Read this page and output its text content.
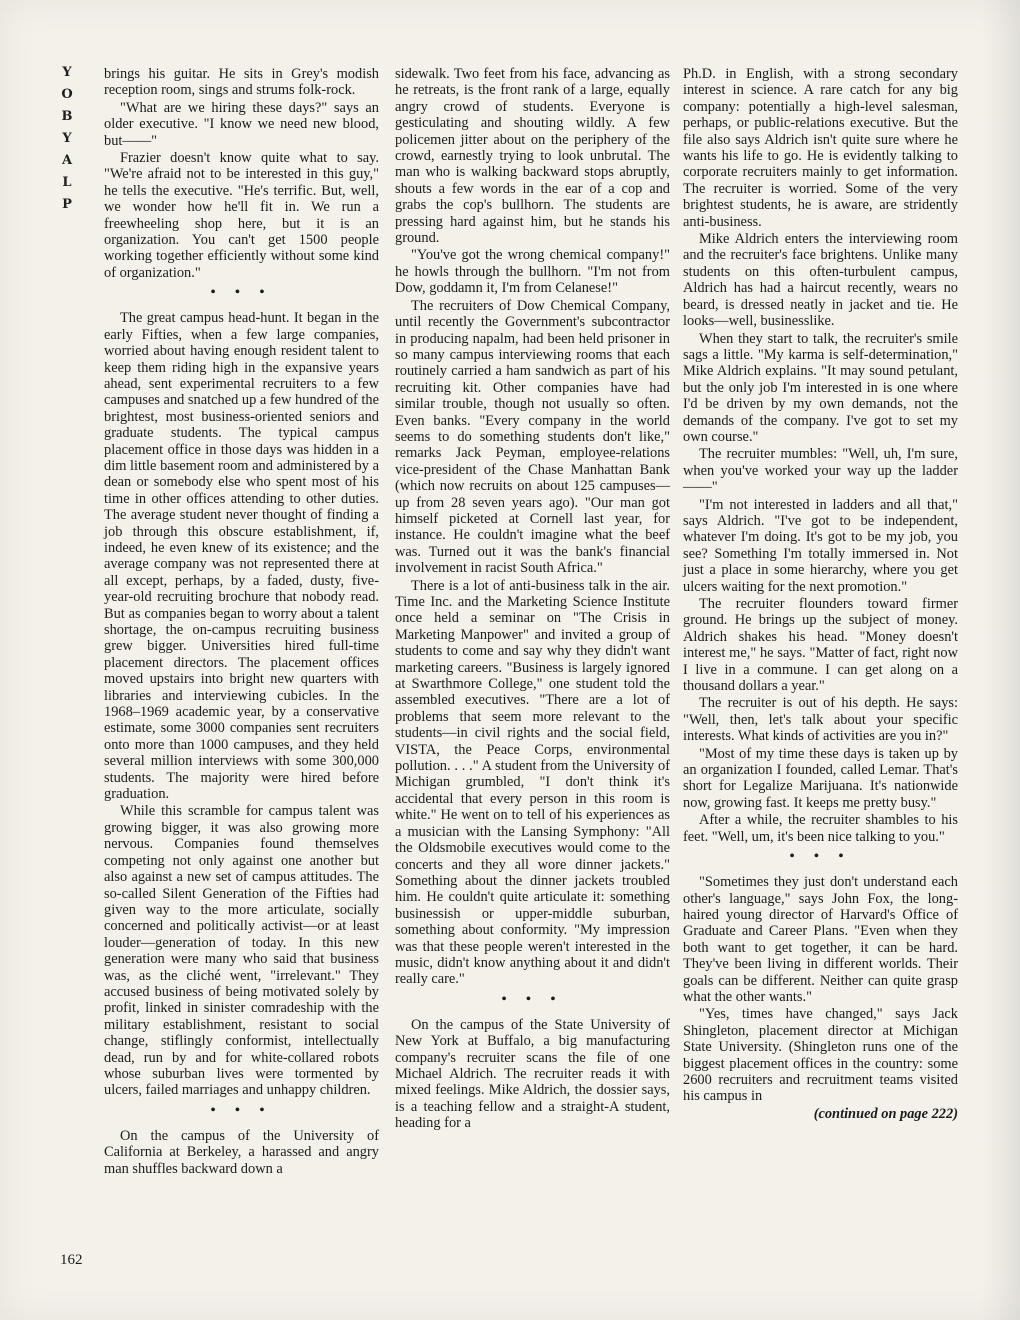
Y
O
B
Y
A
L
P

brings his guitar. He sits in Grey's modish reception room, sings and strums folk-rock.

"What are we hiring these days?" says an older executive. "I know we need new blood, but——"

Frazier doesn't know quite what to say. "We're afraid not to be interested in this guy," he tells the executive. "He's terrific. But, well, we wonder how he'll fit in. We run a freewheeling shop here, but it is an organization. You can't get 1500 people working together efficiently without some kind of organization."

• • •

The great campus head-hunt. It began in the early Fifties, when a few large companies, worried about having enough resident talent to keep them riding high in the expansive years ahead, sent experimental recruiters to a few campuses and snatched up a few hundred of the brightest, most business-oriented seniors and graduate students. The typical campus placement office in those days was hidden in a dim little basement room and administered by a dean or somebody else who spent most of his time in other offices attending to other duties. The average student never thought of finding a job through this obscure establishment, if, indeed, he even knew of its existence; and the average company was not represented there at all except, perhaps, by a faded, dusty, five-year-old recruiting brochure that nobody read. But as companies began to worry about a talent shortage, the on-campus recruiting business grew bigger. Universities hired full-time placement directors. The placement offices moved upstairs into bright new quarters with libraries and interviewing cubicles. In the 1968–1969 academic year, by a conservative estimate, some 3000 companies sent recruiters onto more than 1000 campuses, and they held several million interviews with some 300,000 students. The majority were hired before graduation.

While this scramble for campus talent was growing bigger, it was also growing more nervous. Companies found themselves competing not only against one another but also against a new set of campus attitudes. The so-called Silent Generation of the Fifties had given way to the more articulate, socially concerned and politically activist—or at least louder—generation of today. In this new generation were many who said that business was, as the cliché went, "irrelevant." They accused business of being motivated solely by profit, linked in sinister comradeship with the military establishment, resistant to social change, stiflingly conformist, intellectually dead, run by and for white-collared robots whose suburban lives were tormented by ulcers, failed marriages and unhappy children.

• • •

On the campus of the University of California at Berkeley, a harassed and angry man shuffles backward down a

sidewalk. Two feet from his face, advancing as he retreats, is the front rank of a large, equally angry crowd of students. Everyone is gesticulating and shouting wildly. A few policemen jitter about on the periphery of the crowd, earnestly trying to look unbrutal. The man who is walking backward stops abruptly, shouts a few words in the ear of a cop and grabs the cop's bullhorn. The students are pressing hard against him, but he stands his ground.

"You've got the wrong chemical company!" he howls through the bullhorn. "I'm not from Dow, goddamn it, I'm from Celanese!"

The recruiters of Dow Chemical Company, until recently the Government's subcontractor in producing napalm, had been held prisoner in so many campus interviewing rooms that each routinely carried a ham sandwich as part of his recruiting kit. Other companies have had similar trouble, though not usually so often. Even banks. "Every company in the world seems to do something students don't like," remarks Jack Peyman, employee-relations vice-president of the Chase Manhattan Bank (which now recruits on about 125 campuses—up from 28 seven years ago). "Our man got himself picketed at Cornell last year, for instance. He couldn't imagine what the beef was. Turned out it was the bank's financial involvement in racist South Africa."

There is a lot of anti-business talk in the air. Time Inc. and the Marketing Science Institute once held a seminar on "The Crisis in Marketing Manpower" and invited a group of students to come and say why they didn't want marketing careers. "Business is largely ignored at Swarthmore College," one student told the assembled executives. "There are a lot of problems that seem more relevant to the students—in civil rights and the social field, VISTA, the Peace Corps, environmental pollution. . . ." A student from the University of Michigan grumbled, "I don't think it's accidental that every person in this room is white." He went on to tell of his experiences as a musician with the Lansing Symphony: "All the Oldsmobile executives would come to the concerts and they all wore dinner jackets." Something about the dinner jackets troubled him. He couldn't quite articulate it: something businessish or upper-middle suburban, something about conformity. "My impression was that these people weren't interested in the music, didn't know anything about it and didn't really care."

• • •

On the campus of the State University of New York at Buffalo, a big manufacturing company's recruiter scans the file of one Michael Aldrich. The recruiter reads it with mixed feelings. Mike Aldrich, the dossier says, is a teaching fellow and a straight-A student, heading for a

Ph.D. in English, with a strong secondary interest in science. A rare catch for any big company: potentially a high-level salesman, perhaps, or public-relations executive. But the file also says Aldrich isn't quite sure where he wants his life to go. He is evidently talking to corporate recruiters mainly to get information. The recruiter is worried. Some of the very brightest students, he is aware, are stridently anti-business.

Mike Aldrich enters the interviewing room and the recruiter's face brightens. Unlike many students on this often-turbulent campus, Aldrich has had a haircut recently, wears no beard, is dressed neatly in jacket and tie. He looks—well, businesslike.

When they start to talk, the recruiter's smile sags a little. "My karma is self-determination," Mike Aldrich explains. "It may sound petulant, but the only job I'm interested in is one where I'd be driven by my own demands, not the demands of the company. I've got to set my own course."

The recruiter mumbles: "Well, uh, I'm sure, when you've worked your way up the ladder——"

"I'm not interested in ladders and all that," says Aldrich. "I've got to be independent, whatever I'm doing. It's got to be my job, you see? Something I'm totally immersed in. Not just a place in some hierarchy, where you get ulcers waiting for the next promotion."

The recruiter flounders toward firmer ground. He brings up the subject of money. Aldrich shakes his head. "Money doesn't interest me," he says. "Matter of fact, right now I live in a commune. I can get along on a thousand dollars a year."

The recruiter is out of his depth. He says: "Well, then, let's talk about your specific interests. What kinds of activities are you in?"

"Most of my time these days is taken up by an organization I founded, called Lemar. That's short for Legalize Marijuana. It's nationwide now, growing fast. It keeps me pretty busy."

After a while, the recruiter shambles to his feet. "Well, um, it's been nice talking to you."

• • •

"Sometimes they just don't understand each other's language," says John Fox, the long-haired young director of Harvard's Office of Graduate and Career Plans. "Even when they both want to get together, it can be hard. They've been living in different worlds. Their goals can be different. Neither can quite grasp what the other wants."

"Yes, times have changed," says Jack Shingleton, placement director at Michigan State University. (Shingleton runs one of the biggest placement offices in the country: some 2600 recruiters and recruitment teams visited his campus in

(continued on page 222)

162
